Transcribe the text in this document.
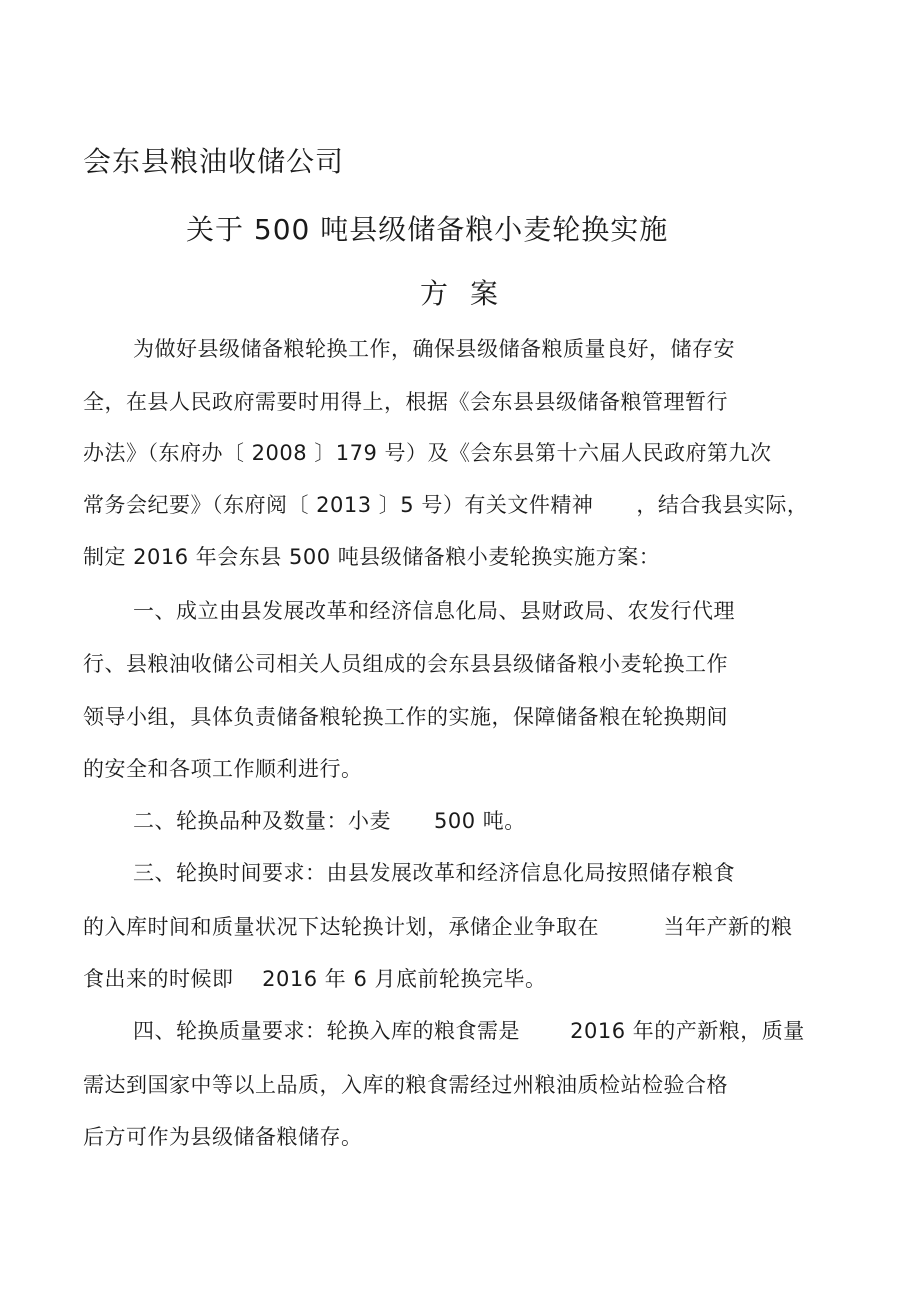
会东县粮油收储公司
关于 500 吨县级储备粮小麦轮换实施
方案
为做好县级储备粮轮换工作，确保县级储备粮质量良好，储存安
全，在县人民政府需要时用得上，根据《会东县县级储备粮管理暂行
办法》（东府办〔 2008 〕179 号）及《会东县第十六届人民政府第九次
常务会纪要》（东府阅〔 2013 〕5 号）有关文件精神　　，结合我县实际，
制定 2016 年会东县 500 吨县级储备粮小麦轮换实施方案：
一、成立由县发展改革和经济信息化局、县财政局、农发行代理
行、县粮油收储公司相关人员组成的会东县县级储备粮小麦轮换工作
领导小组，具体负责储备粮轮换工作的实施，保障储备粮在轮换期间
的安全和各项工作顺利进行。
二、轮换品种及数量：小麦　　500 吨。
三、轮换时间要求：由县发展改革和经济信息化局按照储存粮食
的入库时间和质量状况下达轮换计划，承储企业争取在　　　当年产新的粮
食出来的时候即　 2016 年 6 月底前轮换完毕。
四、轮换质量要求：轮换入库的粮食需是　　 2016 年的产新粮，质量
需达到国家中等以上品质，入库的粮食需经过州粮油质检站检验合格
后方可作为县级储备粮储存。
